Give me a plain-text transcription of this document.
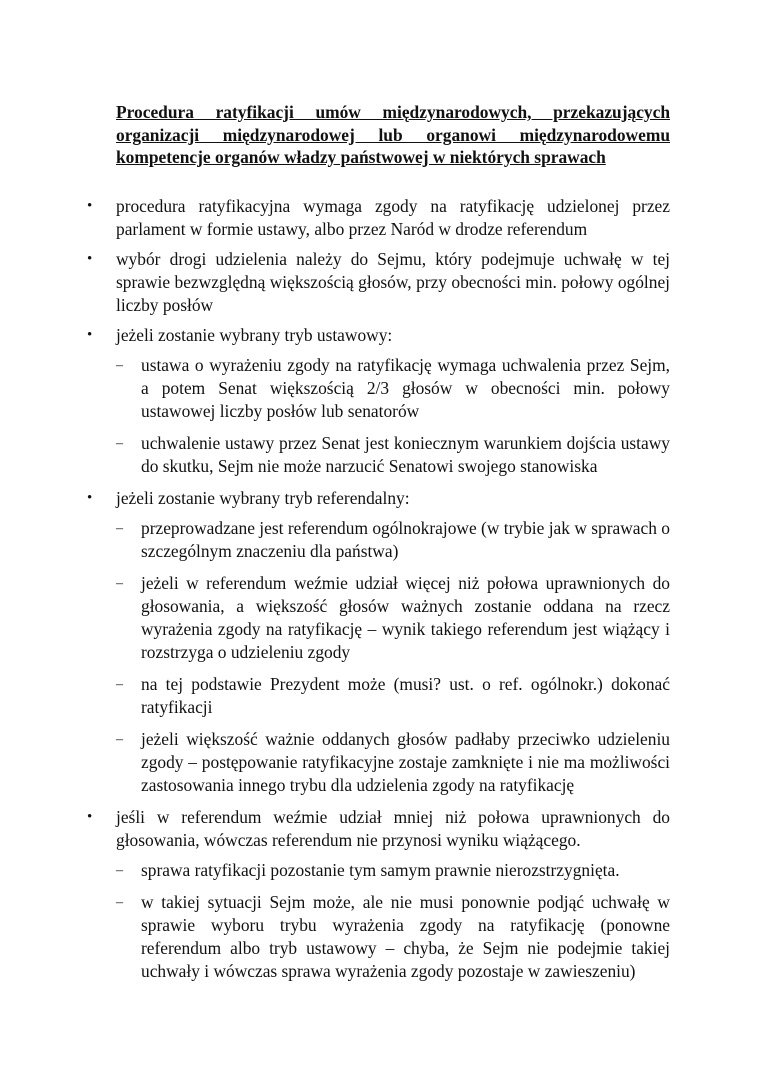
Procedura ratyfikacji umów międzynarodowych, przekazujących organizacji międzynarodowej lub organowi międzynarodowemu kompetencje organów władzy państwowej w niektórych sprawach
•	procedura ratyfikacyjna wymaga zgody na ratyfikację udzielonej przez parlament w formie ustawy, albo przez Naród w drodze referendum
•	wybór drogi udzielenia należy do Sejmu, który podejmuje uchwałę w tej sprawie bezwzględną większością głosów, przy obecności min. połowy ogólnej liczby posłów
•	jeżeli zostanie wybrany tryb ustawowy:
– ustawa o wyrażeniu zgody na ratyfikację wymaga uchwalenia przez Sejm, a potem Senat większością 2/3 głosów w obecności min. połowy ustawowej liczby posłów lub senatorów
– uchwalenie ustawy przez Senat jest koniecznym warunkiem dojścia ustawy do skutku, Sejm nie może narzucić Senatowi swojego stanowiska
•	jeżeli zostanie wybrany tryb referendalny:
– przeprowadzane jest referendum ogólnokrajowe (w trybie jak w sprawach o szczególnym znaczeniu dla państwa)
– jeżeli w referendum weźmie udział więcej niż połowa uprawnionych do głosowania, a większość głosów ważnych zostanie oddana na rzecz wyrażenia zgody na ratyfikację – wynik takiego referendum jest wiążący i rozstrzyga o udzieleniu zgody
– na tej podstawie Prezydent może (musi? ust. o ref. ogólnokr.) dokonać ratyfikacji
– jeżeli większość ważnie oddanych głosów padłaby przeciwko udzieleniu zgody – postępowanie ratyfikacyjne zostaje zamknięte i nie ma możliwości zastosowania innego trybu dla udzielenia zgody na ratyfikację
•	jeśli w referendum weźmie udział mniej niż połowa uprawnionych do głosowania, wówczas referendum nie przynosi wyniku wiążącego.
– sprawa ratyfikacji pozostanie tym samym prawnie nierozstrzygnięta.
– w takiej sytuacji Sejm może, ale nie musi ponownie podjąć uchwałę w sprawie wyboru trybu wyrażenia zgody na ratyfikację (ponowne referendum albo tryb ustawowy – chyba, że Sejm nie podejmie takiej uchwały i wówczas sprawa wyrażenia zgody pozostaje w zawieszeniu)
